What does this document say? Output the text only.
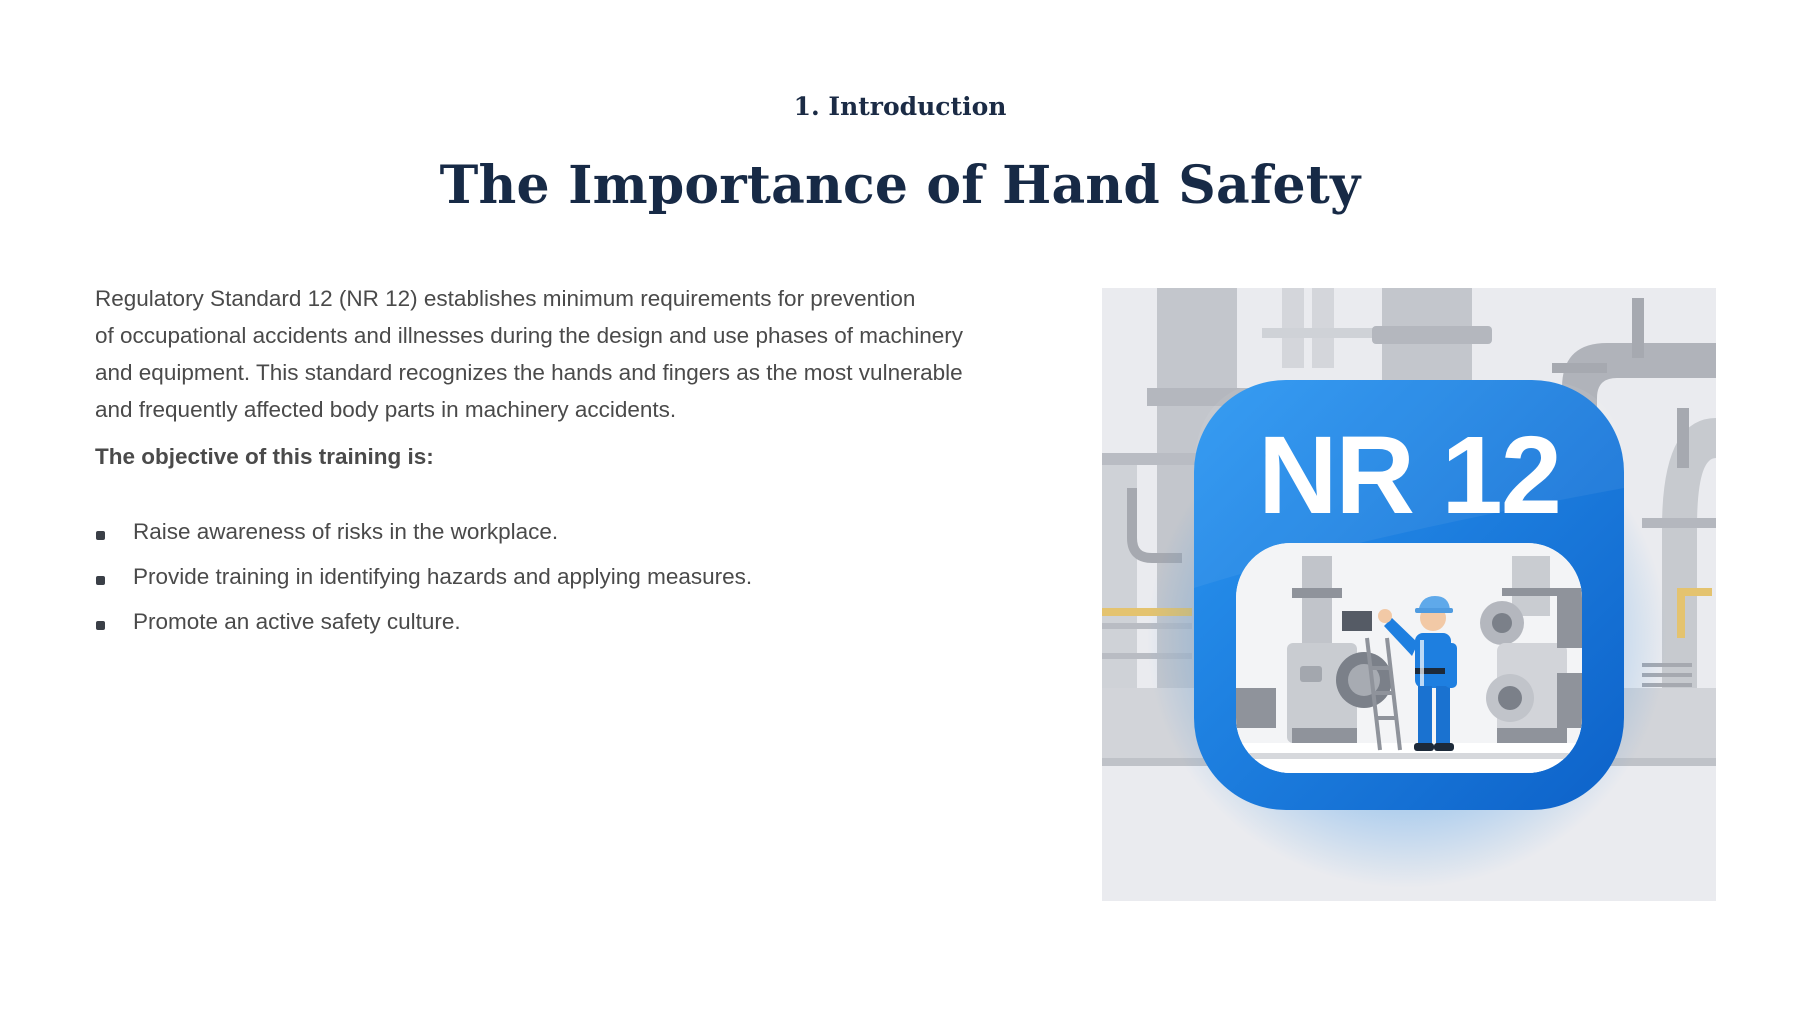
1. Introduction
The Importance of Hand Safety

Regulatory Standard 12 (NR 12) establishes minimum requirements for prevention
of occupational accidents and illnesses during the design and use phases of machinery
and equipment. This standard recognizes the hands and fingers as the most vulnerable
and frequently affected body parts in machinery accidents.

The objective of this training is:

Raise awareness of risks in the workplace.
Provide training in identifying hazards and applying measures.
Promote an active safety culture.
NR 12
